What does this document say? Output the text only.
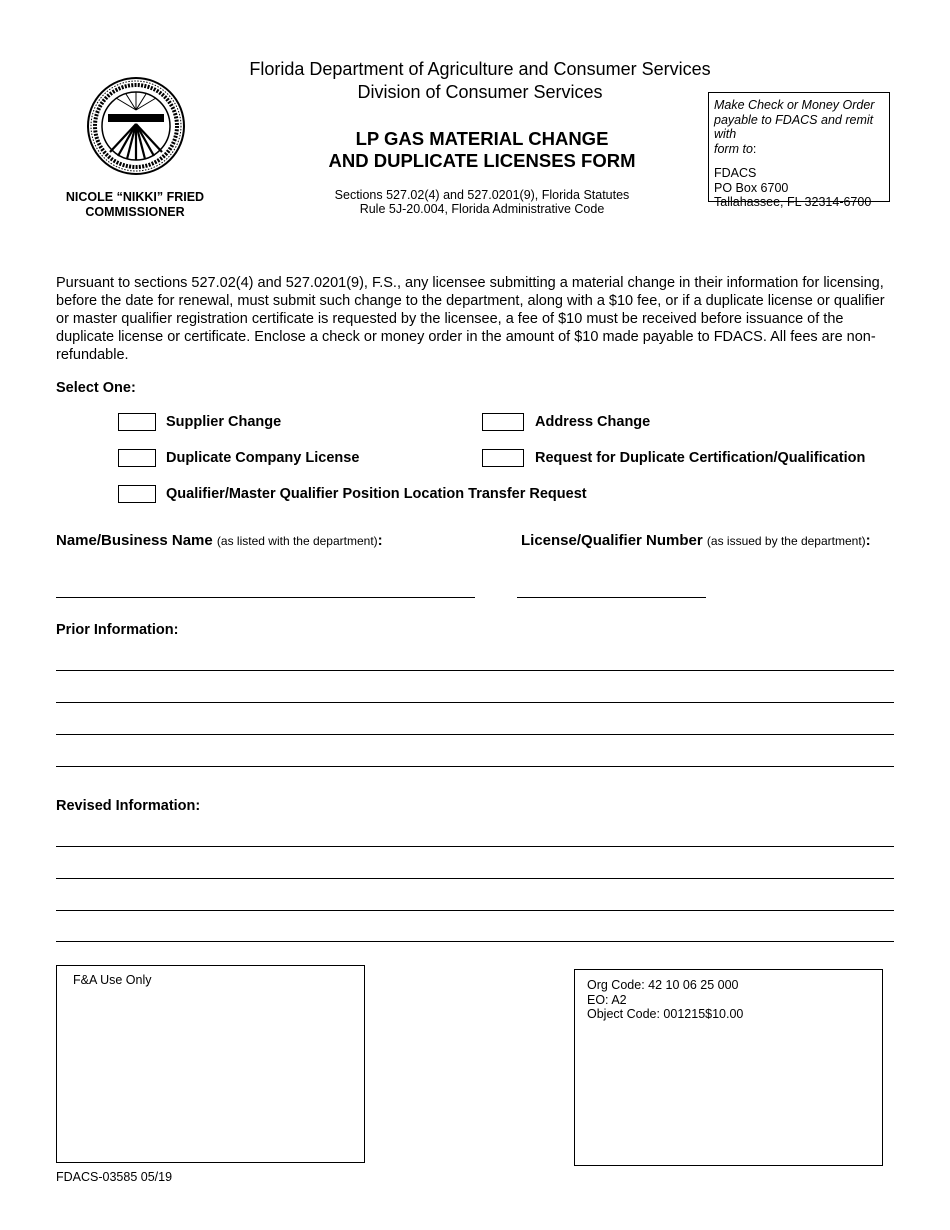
NICOLE “NIKKI” FRIED
COMMISSIONER
Florida Department of Agriculture and Consumer Services
Division of Consumer Services
LP GAS MATERIAL CHANGE
AND DUPLICATE LICENSES FORM
Sections 527.02(4) and 527.0201(9), Florida Statutes
Rule 5J-20.004, Florida Administrative Code
Make Check or Money Order
payable to FDACS and remit with
form to:
FDACS
PO Box 6700
Tallahassee, FL 32314-6700
Pursuant to sections 527.02(4) and 527.0201(9), F.S., any licensee submitting a material change in their information for licensing, before the date for renewal, must submit such change to the department, along with a $10 fee, or if a duplicate license or qualifier or master qualifier registration certificate is requested by the licensee, a fee of $10 must be received before issuance of the duplicate license or certificate. Enclose a check or money order in the amount of $10 made payable to FDACS. All fees are non-refundable.
Select One:
Supplier Change	Address Change
Duplicate Company License	Request for Duplicate Certification/Qualification
Qualifier/Master Qualifier Position Location Transfer Request
Name/Business Name (as listed with the department):	License/Qualifier Number (as issued by the department):
Prior Information:
Revised Information:
F&A Use Only	Org Code: 42 10 06 25 000
EO: A2
Object Code: 001215$10.00
FDACS-03585 05/19
